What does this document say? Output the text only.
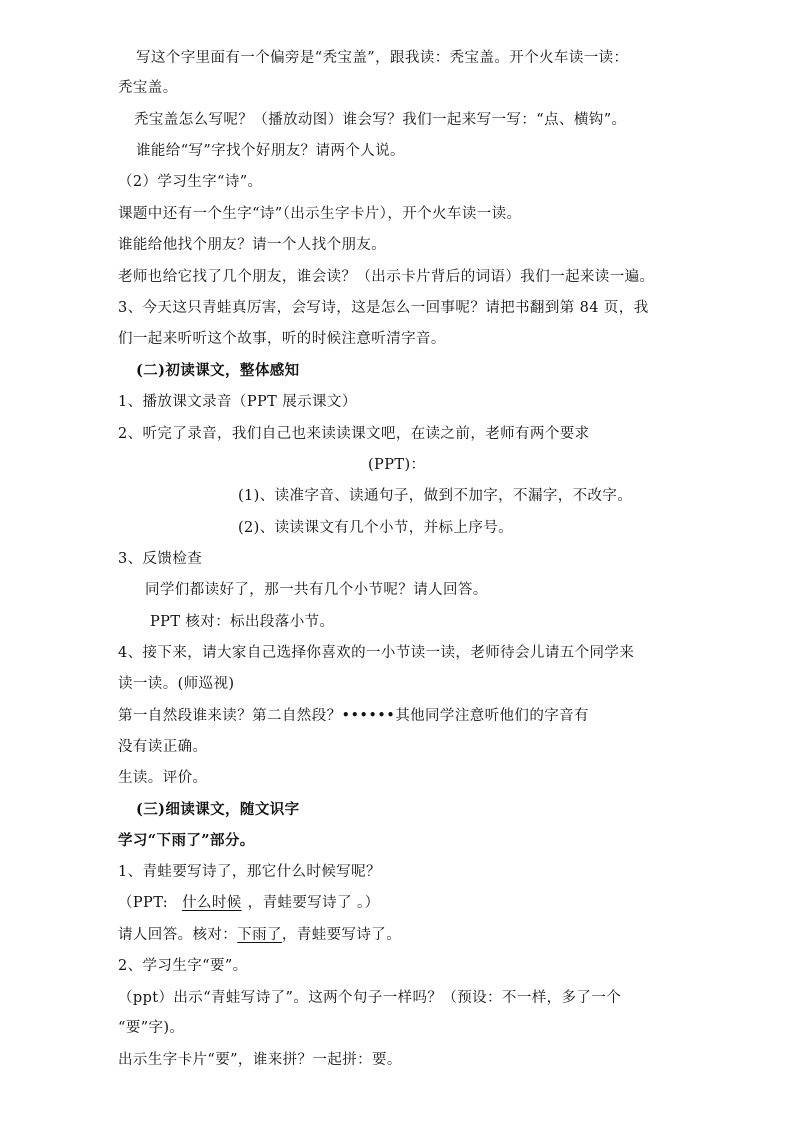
写这个字里面有一个偏旁是“秃宝盖”，跟我读：秃宝盖。开个火车读一读：
秃宝盖。
秃宝盖怎么写呢？（播放动图）谁会写？我们一起来写一写：“点、横钩”。
谁能给“写”字找个好朋友？请两个人说。
（2）学习生字“诗”。
课题中还有一个生字“诗”（出示生字卡片），开个火车读一读。
谁能给他找个朋友？请一个人找个朋友。
老师也给它找了几个朋友，谁会读？（出示卡片背后的词语）我们一起来读一遍。
3、今天这只青蛙真厉害，会写诗，这是怎么一回事呢？请把书翻到第 84 页，我
们一起来听听这个故事，听的时候注意听清字音。
(二)初读课文，整体感知
1、播放课文录音（PPT 展示课文）
2、听完了录音，我们自己也来读读课文吧，在读之前，老师有两个要求
(PPT)：
(1)、读准字音、读通句子，做到不加字，不漏字，不改字。
(2)、读读课文有几个小节，并标上序号。
3、反馈检查
同学们都读好了，那一共有几个小节呢？请人回答。
PPT 核对：标出段落小节。
4、接下来，请大家自己选择你喜欢的一小节读一读，老师待会儿请五个同学来
读一读。(师巡视)
第一自然段谁来读？第二自然段？••••••其他同学注意听他们的字音有
没有读正确。
生读。评价。
(三)细读课文，随文识字
学习“下雨了”部分。
1、青蛙要写诗了，那它什么时候写呢？
（PPT: 什么时候 ，青蛙要写诗了 。）
请人回答。核对：下雨了，青蛙要写诗了。
2、学习生字“要”。
（ppt）出示“青蛙写诗了”。这两个句子一样吗？（预设：不一样，多了一个
“要”字)。
出示生字卡片“要”，谁来拼？一起拼：要。
